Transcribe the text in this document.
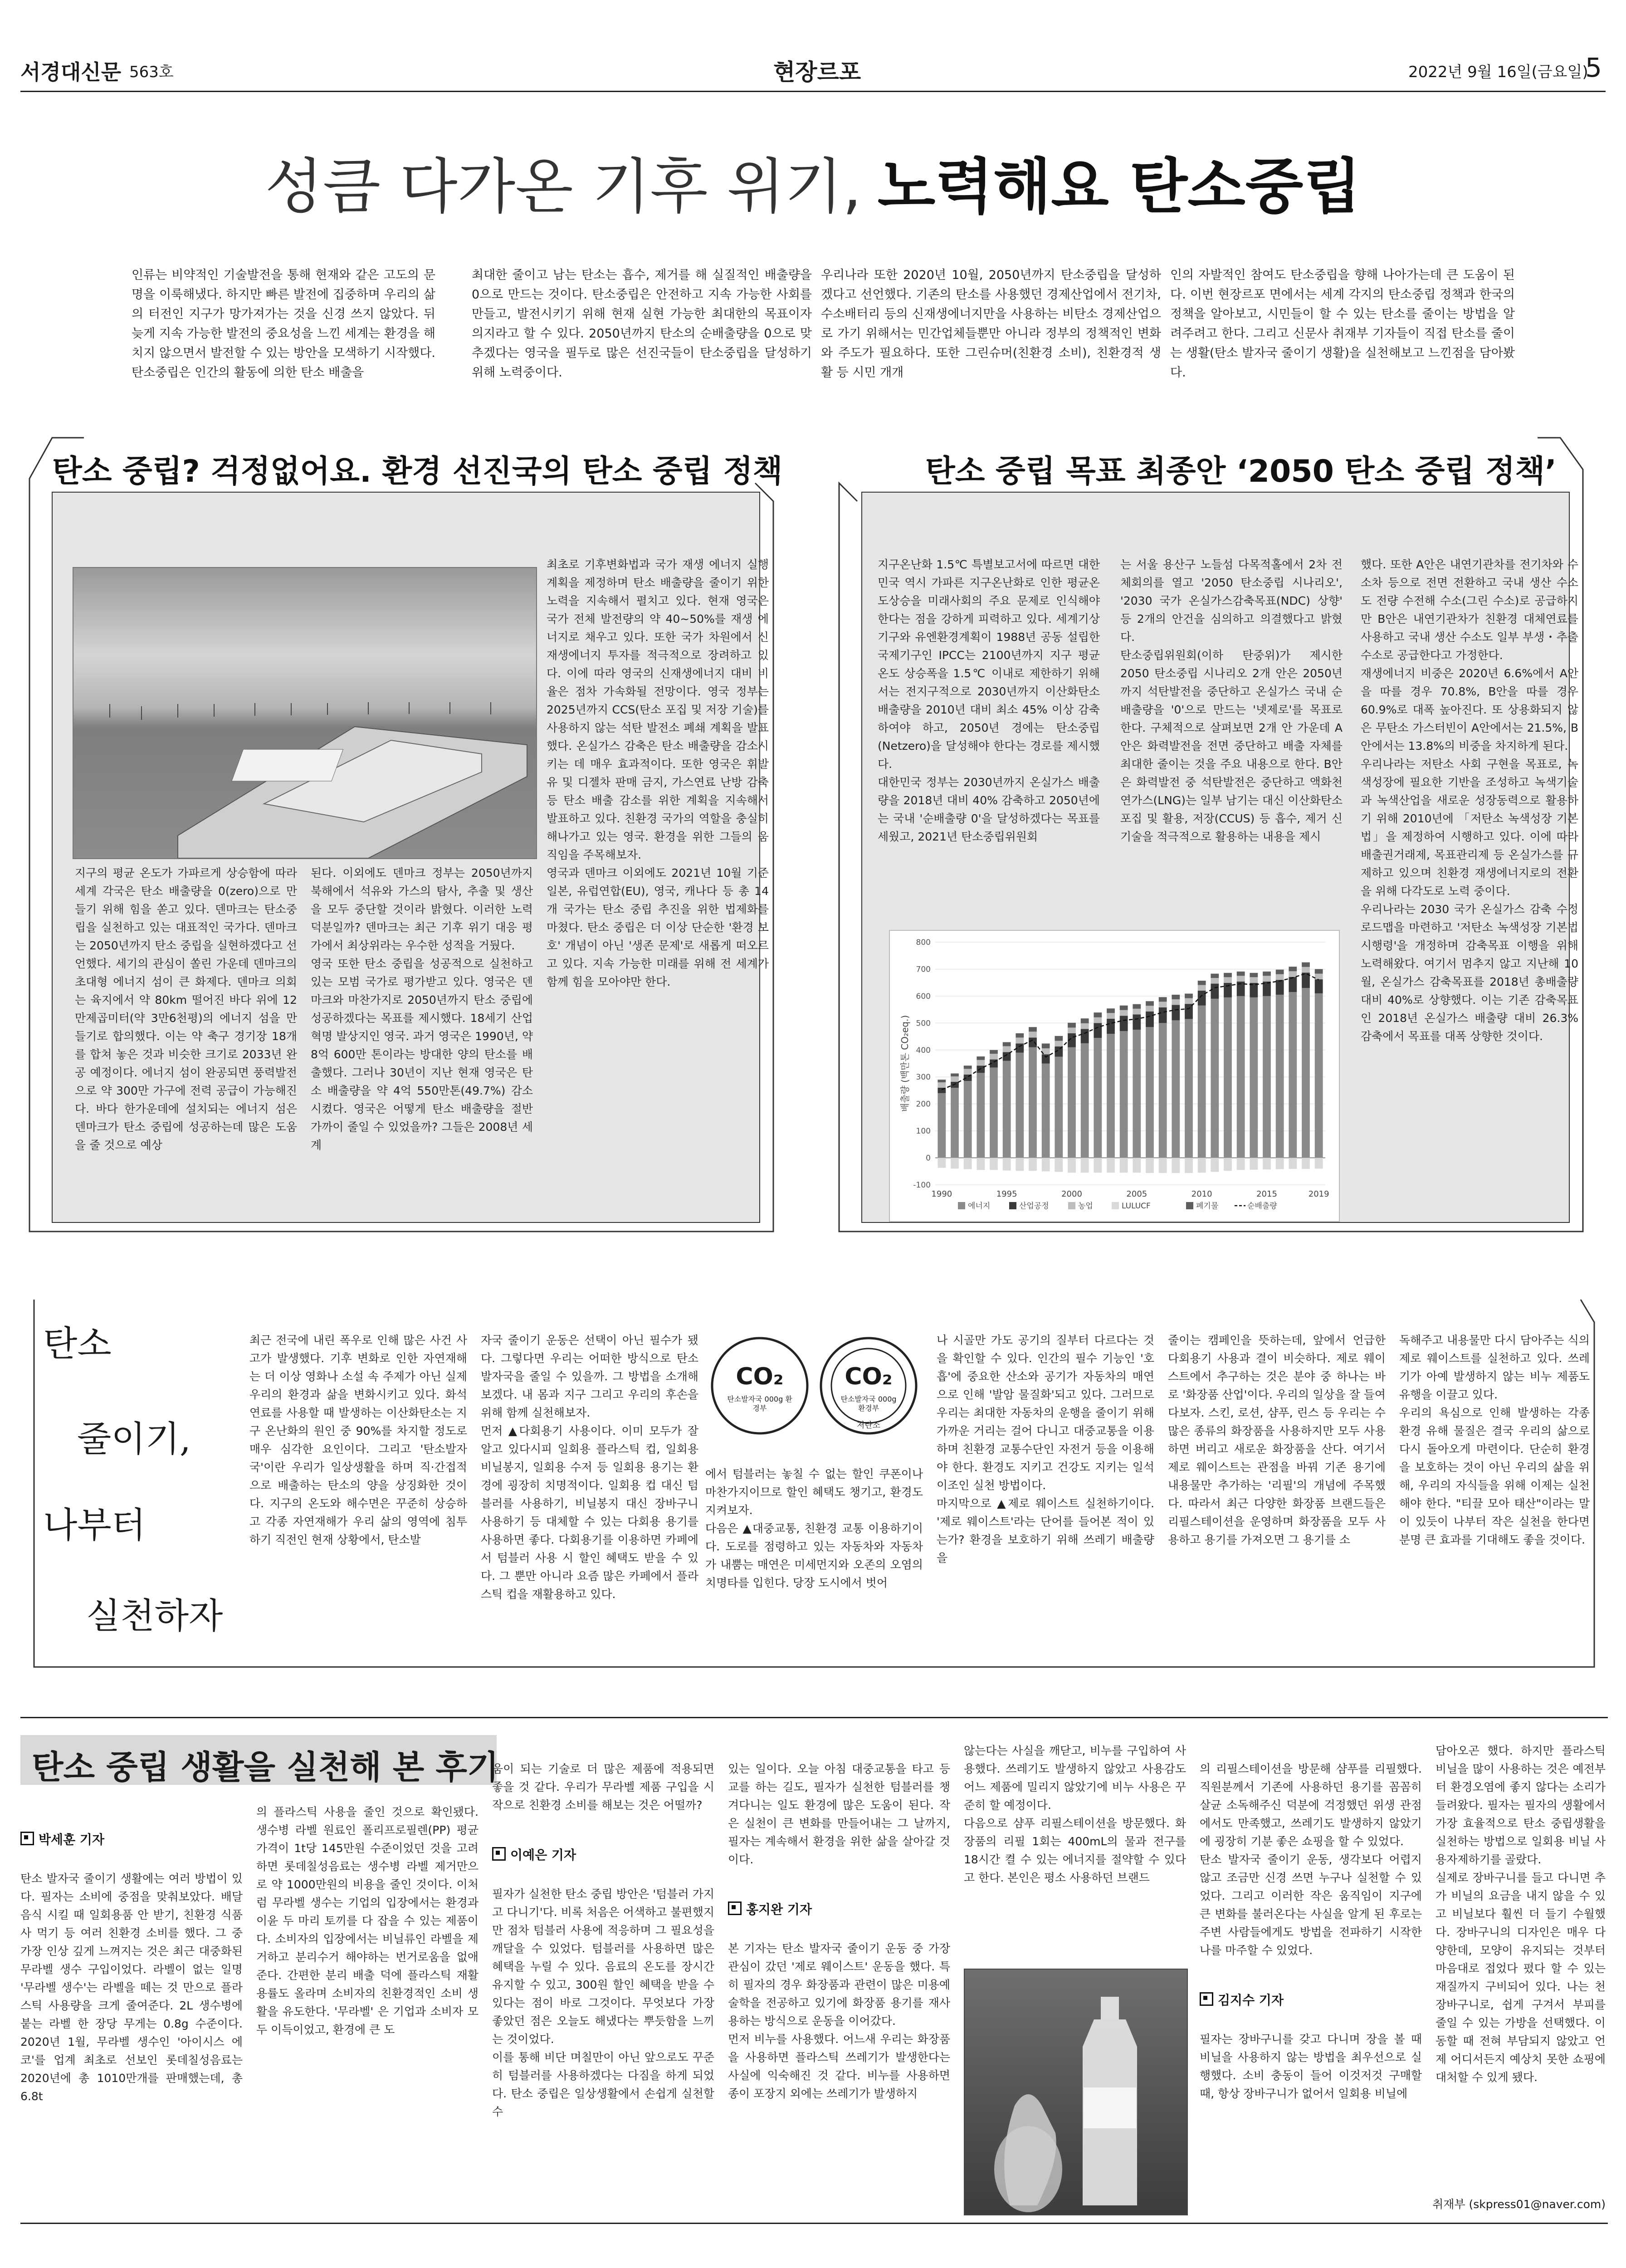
서경대신문 563호	현장르포	2022년 9월 16일(금요일)
5
성큼 다가온 기후 위기, 노력해요 탄소중립
인류는 비약적인 기술발전을 통해 현재와 같은 고도의 문명을 이룩해냈다. 하지만 빠른 발전에 집중하며 우리의 삶의 터전인 지구가 망가져가는 것을 신경 쓰지 않았다. 뒤늦게 지속 가능한 발전의 중요성을 느낀 세계는 환경을 해치지 않으면서 발전할 수 있는 방안을 모색하기 시작했다. 탄소중립은 인간의 활동에 의한 탄소 배출을
최대한 줄이고 남는 탄소는 흡수, 제거를 해 실질적인 배출량을 0으로 만드는 것이다. 탄소중립은 안전하고 지속 가능한 사회를 만들고, 발전시키기 위해 현재 실현 가능한 최대한의 목표이자 의지라고 할 수 있다. 2050년까지 탄소의 순배출량을 0으로 맞추겠다는 영국을 필두로 많은 선진국들이 탄소중립을 달성하기 위해 노력중이다.
우리나라 또한 2020년 10월, 2050년까지 탄소중립을 달성하겠다고 선언했다. 기존의 탄소를 사용했던 경제산업에서 전기차, 수소배터리 등의 신재생에너지만을 사용하는 비탄소 경제산업으로 가기 위해서는 민간업체들뿐만 아니라 정부의 정책적인 변화와 주도가 필요하다. 또한 그린슈머(친환경 소비), 친환경적 생활 등 시민 개개
인의 자발적인 참여도 탄소중립을 향해 나아가는데 큰 도움이 된다. 이번 현장르포 면에서는 세계 각지의 탄소중립 정책과 한국의 정책을 알아보고, 시민들이 할 수 있는 탄소를 줄이는 방법을 알려주려고 한다. 그리고 신문사 취재부 기자들이 직접 탄소를 줄이는 생활(탄소 발자국 줄이기 생활)을 실천해보고 느낀점을 담아봤다.
탄소 중립? 걱정없어요. 환경 선진국의 탄소 중립 정책
지구의 평균 온도가 가파르게 상승함에 따라 세계 각국은 탄소 배출량을 0(zero)으로 만들기 위해 힘을 쏟고 있다. 덴마크는 탄소중립을 실천하고 있는 대표적인 국가다. 덴마크는 2050년까지 탄소 중립을 실현하겠다고 선언했다. 세기의 관심이 쏠린 가운데 덴마크의 초대형 에너지 섬이 큰 화제다. 덴마크 의회는 육지에서 약 80km 떨어진 바다 위에 12만제곱미터(약 3만6천평)의 에너지 섬을 만들기로 합의했다. 이는 약 축구 경기장 18개를 합쳐 놓은 것과 비슷한 크기로 2033년 완공 예정이다. 에너지 섬이 완공되면 풍력발전으로 약 300만 가구에 전력 공급이 가능해진다. 바다 한가운데에 설치되는 에너지 섬은 덴마크가 탄소 중립에 성공하는데 많은 도움을 줄 것으로 예상
된다. 이외에도 덴마크 정부는 2050년까지 북해에서 석유와 가스의 탐사, 추출 및 생산을 모두 중단할 것이라 밝혔다. 이러한 노력 덕분일까? 덴마크는 최근 기후 위기 대응 평가에서 최상위라는 우수한 성적을 거뒀다.
영국 또한 탄소 중립을 성공적으로 실천하고 있는 모범 국가로 평가받고 있다. 영국은 덴마크와 마찬가지로 2050년까지 탄소 중립에 성공하겠다는 목표를 제시했다. 18세기 산업혁명 발상지인 영국. 과거 영국은 1990년, 약 8억 600만 톤이라는 방대한 양의 탄소를 배출했다. 그러나 30년이 지난 현재 영국은 탄소 배출량을 약 4억 550만톤(49.7%) 감소시켰다. 영국은 어떻게 탄소 배출량을 절반 가까이 줄일 수 있었을까? 그들은 2008년 세계
최초로 기후변화법과 국가 재생 에너지 실행계획을 제정하며 탄소 배출량을 줄이기 위한 노력을 지속해서 펼치고 있다. 현재 영국은 국가 전체 발전량의 약 40~50%를 재생 에너지로 채우고 있다. 또한 국가 차원에서 신재생에너지 투자를 적극적으로 장려하고 있다. 이에 따라 영국의 신재생에너지 대비 비율은 점차 가속화될 전망이다. 영국 정부는 2025년까지 CCS(탄소 포집 및 저장 기술)를 사용하지 않는 석탄 발전소 폐쇄 계획을 발표했다. 온실가스 감축은 탄소 배출량을 감소시키는 데 매우 효과적이다. 또한 영국은 휘발유 및 디젤차 판매 금지, 가스연료 난방 감축 등 탄소 배출 감소를 위한 계획을 지속해서 발표하고 있다. 친환경 국가의 역할을 충실히 해나가고 있는 영국. 환경을 위한 그들의 움직임을 주목해보자.
영국과 덴마크 이외에도 2021년 10월 기준 일본, 유럽연합(EU), 영국, 캐나다 등 총 14개 국가는 탄소 중립 추진을 위한 법제화를 마쳤다. 탄소 중립은 더 이상 단순한 '환경 보호' 개념이 아닌 '생존 문제'로 새롭게 떠오르고 있다. 지속 가능한 미래를 위해 전 세계가 함께 힘을 모아야만 한다.
탄소 중립 목표 최종안 ‘2050 탄소 중립 정책’
지구온난화 1.5℃ 특별보고서에 따르면 대한민국 역시 가파른 지구온난화로 인한 평균온도상승을 미래사회의 주요 문제로 인식해야 한다는 점을 강하게 피력하고 있다. 세계기상기구와 유엔환경계획이 1988년 공동 설립한 국제기구인 IPCC는 2100년까지 지구 평균온도 상승폭을 1.5℃ 이내로 제한하기 위해서는 전지구적으로 2030년까지 이산화탄소 배출량을 2010년 대비 최소 45% 이상 감축하여야 하고, 2050년 경에는 탄소중립(Netzero)을 달성해야 한다는 경로를 제시했다.
대한민국 정부는 2030년까지 온실가스 배출량을 2018년 대비 40% 감축하고 2050년에는 국내 '순배출량 0'을 달성하겠다는 목표를 세웠고, 2021년 탄소중립위원회
는 서울 용산구 노들섬 다목적홀에서 2차 전체회의를 열고 '2050 탄소중립 시나리오', '2030 국가 온실가스감축목표(NDC) 상향' 등 2개의 안건을 심의하고 의결했다고 밝혔다.
탄소중립위원회(이하 탄중위)가 제시한 2050 탄소중립 시나리오 2개 안은 2050년까지 석탄발전을 중단하고 온실가스 국내 순배출량을 '0'으로 만드는 '넷제로'를 목표로 한다. 구체적으로 살펴보면 2개 안 가운데 A안은 화력발전을 전면 중단하고 배출 자체를 최대한 줄이는 것을 주요 내용으로 한다. B안은 화력발전 중 석탄발전은 중단하고 액화천연가스(LNG)는 일부 남기는 대신 이산화탄소 포집 및 활용, 저장(CCUS) 등 흡수, 제거 신기술을 적극적으로 활용하는 내용을 제시
했다. 또한 A안은 내연기관차를 전기차와 수소차 등으로 전면 전환하고 국내 생산 수소도 전량 수전해 수소(그린 수소)로 공급하지만 B안은 내연기관차가 친환경 대체연료를 사용하고 국내 생산 수소도 일부 부생・추출 수소로 공급한다고 가정한다.
재생에너지 비중은 2020년 6.6%에서 A안을 따를 경우 70.8%, B안을 따를 경우 60.9%로 대폭 높아진다. 또 상용화되지 않은 무탄소 가스터빈이 A안에서는 21.5%, B안에서는 13.8%의 비중을 차지하게 된다.
우리나라는 저탄소 사회 구현을 목표로, 녹색성장에 필요한 기반을 조성하고 녹색기술과 녹색산업을 새로운 성장동력으로 활용하기 위해 2010년에 「저탄소 녹색성장 기본법」을 제정하여 시행하고 있다. 이에 따라 배출권거래제, 목표관리제 등 온실가스를 규제하고 있으며 친환경 재생에너지로의 전환을 위해 다각도로 노력 중이다.
우리나라는 2030 국가 온실가스 감축 수정 로드맵을 마련하고 '저탄소 녹색성장 기본법 시행령'을 개정하며 감축목표 이행을 위해 노력해왔다. 여기서 멈추지 않고 지난해 10월, 온실가스 감축목표를 2018년 총배출량 대비 40%로 상향했다. 이는 기존 감축목표인 2018년 온실가스 배출량 대비 26.3% 감축에서 목표를 대폭 상향한 것이다.
800
700
600
500
400
300
200
100
0
-100
배출량 (백만톤 CO₂eq.)
1990	1995	2000	2005	2010	2015	2019
에너지	산업공정	농업	LULUCF	폐기물	순배출량
탄소
줄이기,
나부터
실천하자
최근 전국에 내린 폭우로 인해 많은 사건 사고가 발생했다. 기후 변화로 인한 자연재해는 더 이상 영화나 소설 속 주제가 아닌 실제 우리의 환경과 삶을 변화시키고 있다. 화석 연료를 사용할 때 발생하는 이산화탄소는 지구 온난화의 원인 중 90%를 차지할 정도로 매우 심각한 요인이다. 그리고 '탄소발자국'이란 우리가 일상생활을 하며 직·간접적으로 배출하는 탄소의 양을 상징화한 것이다. 지구의 온도와 해수면은 꾸준히 상승하고 각종 자연재해가 우리 삶의 영역에 침투하기 직전인 현재 상황에서, 탄소발
자국 줄이기 운동은 선택이 아닌 필수가 됐다. 그렇다면 우리는 어떠한 방식으로 탄소발자국을 줄일 수 있을까. 그 방법을 소개해보겠다. 내 몸과 지구 그리고 우리의 후손을 위해 함께 실천해보자.
먼저 ▲다회용기 사용이다. 이미 모두가 잘 알고 있다시피 일회용 플라스틱 컵, 일회용 비닐봉지, 일회용 수저 등 일회용 용기는 환경에 굉장히 치명적이다. 일회용 컵 대신 텀블러를 사용하기, 비닐봉지 대신 장바구니 사용하기 등 대체할 수 있는 다회용 용기를 사용하면 좋다. 다회용기를 이용하면 카페에서 텀블러 사용 시 할인 혜택도 받을 수 있다. 그 뿐만 아니라 요즘 많은 카페에서 플라스틱 컵을 재활용하고 있다.
CO₂
탄소발자국 000g 환경부
CO₂
탄소발자국 000g 환경부
저탄소
에서 텀블러는 놓칠 수 없는 할인 쿠폰이나 마찬가지이므로 할인 혜택도 챙기고, 환경도 지켜보자.
다음은 ▲대중교통, 친환경 교통 이용하기이다. 도로를 점령하고 있는 자동차와 자동차가 내뿜는 매연은 미세먼지와 오존의 오염의 치명타를 입힌다. 당장 도시에서 벗어
나 시골만 가도 공기의 질부터 다르다는 것을 확인할 수 있다. 인간의 필수 기능인 '호흡'에 중요한 산소와 공기가 자동차의 매연으로 인해 '발암 물질화'되고 있다. 그러므로 우리는 최대한 자동차의 운행을 줄이기 위해 가까운 거리는 걸어 다니고 대중교통을 이용하며 친환경 교통수단인 자전거 등을 이용해야 한다. 환경도 지키고 건강도 지키는 일석이조인 실천 방법이다.
마지막으로 ▲제로 웨이스트 실천하기이다. '제로 웨이스트'라는 단어를 들어본 적이 있는가? 환경을 보호하기 위해 쓰레기 배출량을
줄이는 캠페인을 뜻하는데, 앞에서 언급한 다회용기 사용과 결이 비슷하다. 제로 웨이스트에서 추구하는 것은 분야 중 하나는 바로 '화장품 산업'이다. 우리의 일상을 잘 들여다보자. 스킨, 로션, 샴푸, 린스 등 우리는 수많은 종류의 화장품을 사용하지만 모두 사용하면 버리고 새로운 화장품을 산다. 여기서 제로 웨이스트는 관점을 바꿔 기존 용기에 내용물만 추가하는 '리필'의 개념에 주목했다. 따라서 최근 다양한 화장품 브랜드들은 리필스테이션을 운영하며 화장품을 모두 사용하고 용기를 가져오면 그 용기를 소
독해주고 내용물만 다시 담아주는 식의 제로 웨이스트를 실천하고 있다. 쓰레기가 아예 발생하지 않는 비누 제품도 유행을 이끌고 있다.
우리의 욕심으로 인해 발생하는 각종 환경 유해 물질은 결국 우리의 삶으로 다시 돌아오게 마련이다. 단순히 환경을 보호하는 것이 아닌 우리의 삶을 위해, 우리의 자식들을 위해 이제는 실천해야 한다. "티끌 모아 태산"이라는 말이 있듯이 나부터 작은 실천을 한다면 분명 큰 효과를 기대해도 좋을 것이다.
탄소 중립 생활을 실천해 본 후기

박세훈 기자

탄소 발자국 줄이기 생활에는 여러 방법이 있다. 필자는 소비에 중점을 맞춰보았다. 배달음식 시킬 때 일회용품 안 받기, 친환경 식품 사 먹기 등 여러 친환경 소비를 했다. 그 중 가장 인상 깊게 느껴지는 것은 최근 대중화된 무라벨 생수 구입이었다. 라벨이 없는 일명 '무라벨 생수'는 라벨을 떼는 것 만으로 플라스틱 사용량을 크게 줄여준다. 2L 생수병에 붙는 라벨 한 장당 무게는 0.8g 수준이다. 2020년 1월, 무라벨 생수인 '아이시스 에코'를 업계 최초로 선보인 롯데칠성음료는 2020년에 총 1010만개를 판매했는데, 총 6.8t

의 플라스틱 사용을 줄인 것으로 확인됐다. 생수병 라벨 원료인 폴리프로필렌(PP) 평균 가격이 1t당 145만원 수준이었던 것을 고려하면 롯데칠성음료는 생수병 라벨 제거만으로 약 1000만원의 비용을 줄인 것이다. 이처럼 무라벨 생수는 기업의 입장에서는 환경과 이윤 두 마리 토끼를 다 잡을 수 있는 제품이다. 소비자의 입장에서는 비닐류인 라벨을 제거하고 분리수거 해야하는 번거로움을 없애준다. 간편한 분리 배출 덕에 플라스틱 재활용률도 올라며 소비자의 친환경적인 소비 생활을 유도한다. '무라벨' 은 기업과 소비자 모두 이득이었고, 환경에 큰 도

움이 되는 기술로 더 많은 제품에 적용되면 좋을 것 같다. 우리가 무라벨 제품 구입을 시작으로 친환경 소비를 해보는 것은 어떨까?

이예은 기자

필자가 실천한 탄소 중립 방안은 '텀블러 가지고 다니기'다. 비록 처음은 어색하고 불편했지만 점차 텀블러 사용에 적응하며 그 필요성을 깨달을 수 있었다. 텀블러를 사용하면 많은 혜택을 누릴 수 있다. 음료의 온도를 장시간 유지할 수 있고, 300원 할인 혜택을 받을 수 있다는 점이 바로 그것이다. 무엇보다 가장 좋았던 점은 오늘도 해냈다는 뿌듯함을 느끼는 것이었다.
이를 통해 비단 며칠만이 아닌 앞으로도 꾸준히 텀블러를 사용하겠다는 다짐을 하게 되었다. 탄소 중립은 일상생활에서 손쉽게 실천할 수

있는 일이다. 오늘 아침 대중교통을 타고 등교를 하는 길도, 필자가 실천한 텀블러를 챙겨다니는 일도 환경에 많은 도움이 된다. 작은 실천이 큰 변화를 만들어내는 그 날까지, 필자는 계속해서 환경을 위한 삶을 살아갈 것이다.

홍지완 기자

본 기자는 탄소 발자국 줄이기 운동 중 가장 관심이 갔던 '제로 웨이스트' 운동을 했다. 특히 필자의 경우 화장품과 관련이 많은 미용예술학을 전공하고 있기에 화장품 용기를 재사용하는 방식으로 운동을 이어갔다.
먼저 비누를 사용했다. 어느새 우리는 화장품을 사용하면 플라스틱 쓰레기가 발생한다는 사실에 익숙해진 것 같다. 비누를 사용하면 종이 포장지 외에는 쓰레기가 발생하지

않는다는 사실을 깨닫고, 비누를 구입하여 사용했다. 쓰레기도 발생하지 않았고 사용감도 어느 제품에 밀리지 않았기에 비누 사용은 꾸준히 할 예정이다.
다음으로 샴푸 리필스테이션을 방문했다. 화장품의 리필 1회는 400mL의 물과 전구를 18시간 켤 수 있는 에너지를 절약할 수 있다고 한다. 본인은 평소 사용하던 브랜드

의 리필스테이션을 방문해 샴푸를 리필했다. 직원분께서 기존에 사용하던 용기를 꼼꼼히 살균 소독해주신 덕분에 걱정했던 위생 관점에서도 만족했고, 쓰레기도 발생하지 않았기에 굉장히 기분 좋은 쇼핑을 할 수 있었다.
탄소 발자국 줄이기 운동, 생각보다 어렵지 않고 조금만 신경 쓰면 누구나 실천할 수 있었다. 그리고 이러한 작은 움직임이 지구에 큰 변화를 불러온다는 사실을 알게 된 후로는 주변 사람들에게도 방법을 전파하기 시작한 나를 마주할 수 있었다.

김지수 기자

필자는 장바구니를 갖고 다니며 장을 볼 때 비닐을 사용하지 않는 방법을 최우선으로 실행했다. 소비 충동이 들어 이것저것 구매할 때, 항상 장바구니가 없어서 일회용 비닐에

담아오곤 했다. 하지만 플라스틱 비닐을 많이 사용하는 것은 예전부터 환경오염에 좋지 않다는 소리가 들려왔다. 필자는 필자의 생활에서 가장 효율적으로 탄소 중립생활을 실천하는 방법으로 일회용 비닐 사용자제하기를 골랐다.
실제로 장바구니를 들고 다니면 추가 비닐의 요금을 내지 않을 수 있고 비닐보다 훨씬 더 들기 수월했다. 장바구니의 디자인은 매우 다양한데, 모양이 유지되는 것부터 마음대로 접었다 폈다 할 수 있는 재질까지 구비되어 있다. 나는 천 장바구니로, 쉽게 구겨서 부피를 줄일 수 있는 가방을 선택했다. 이동할 때 전혀 부담되지 않았고 언제 어디서든지 예상치 못한 쇼핑에 대처할 수 있게 됐다.
취재부 (skpress01@naver.com)
